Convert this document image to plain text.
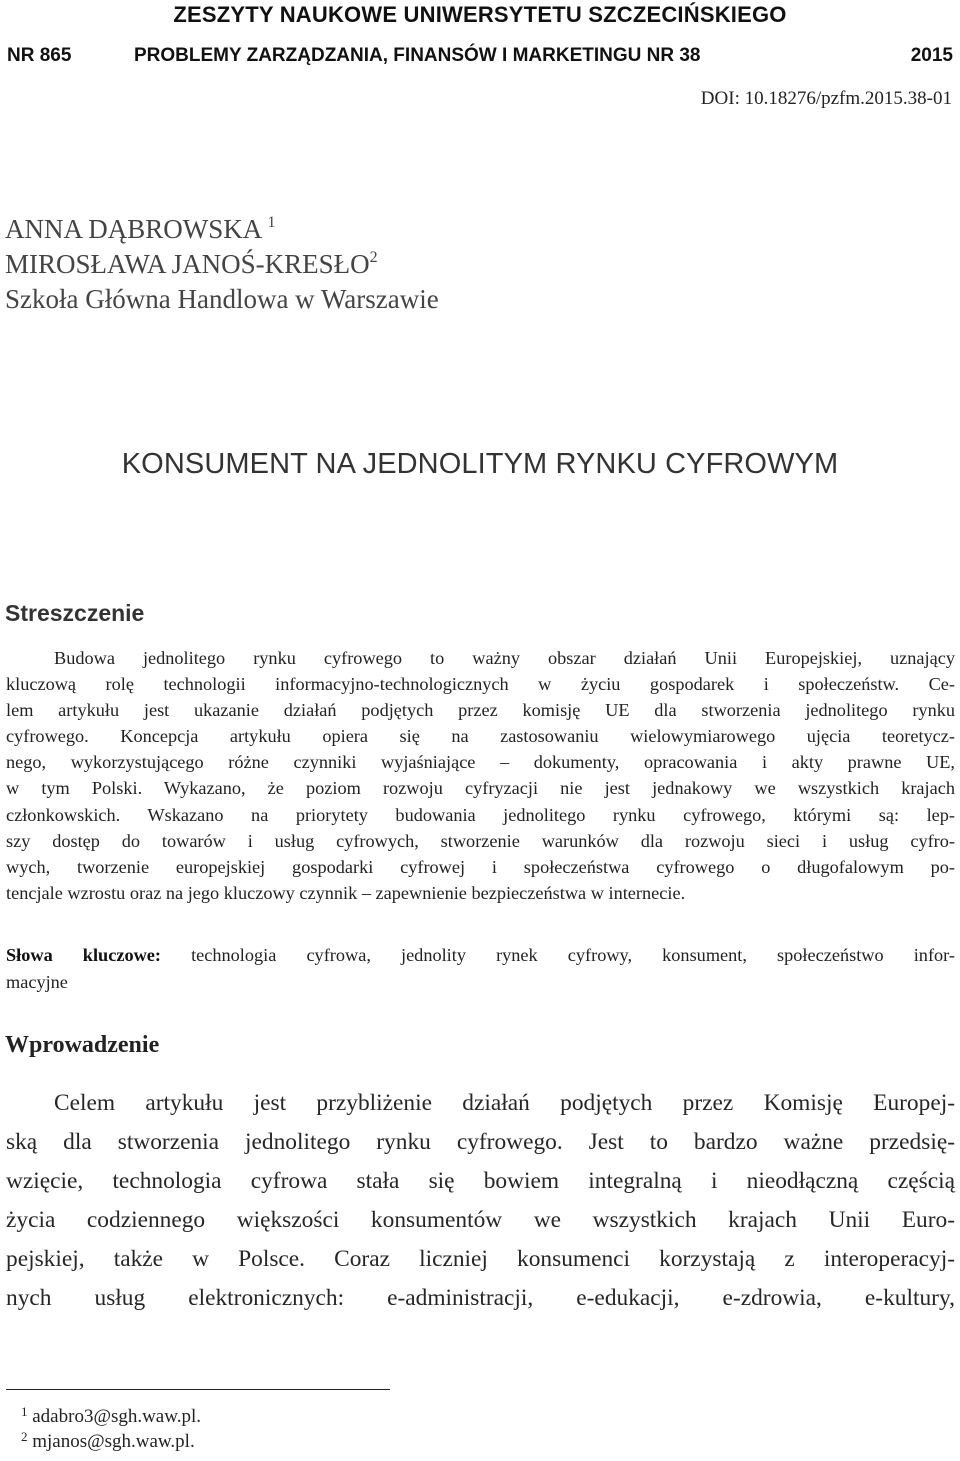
ZESZYTY NAUKOWE UNIWERSYTETU SZCZECIŃSKIEGO
NR 865	PROBLEMY ZARZĄDZANIA, FINANSÓW I MARKETINGU NR 38	2015
DOI: 10.18276/pzfm.2015.38-01
ANNA DĄBROWSKA $^1$
MIROSŁAWA JANOŚ-KRESŁO$^2$
Szkoła Główna Handlowa w Warszawie
KONSUMENT NA JEDNOLITYM RYNKU CYFROWYM
Streszczenie
Budowa jednolitego rynku cyfrowego to ważny obszar działań Unii Europejskiej, uznający
kluczową rolę technologii informacyjno-technologicznych w życiu gospodarek i społeczeństw. Ce-
lem artykułu jest ukazanie działań podjętych przez komisję UE dla stworzenia jednolitego rynku
cyfrowego. Koncepcja artykułu opiera się na zastosowaniu wielowymiarowego ujęcia teoretycz-
nego, wykorzystującego różne czynniki wyjaśniające – dokumenty, opracowania i akty prawne UE,
w tym Polski. Wykazano, że poziom rozwoju cyfryzacji nie jest jednakowy we wszystkich krajach
członkowskich. Wskazano na priorytety budowania jednolitego rynku cyfrowego, którymi są: lep-
szy dostęp do towarów i usług cyfrowych, stworzenie warunków dla rozwoju sieci i usług cyfro-
wych, tworzenie europejskiej gospodarki cyfrowej i społeczeństwa cyfrowego o długofalowym po-
tencjale wzrostu oraz na jego kluczowy czynnik – zapewnienie bezpieczeństwa w internecie.
Słowa kluczowe: technologia cyfrowa, jednolity rynek cyfrowy, konsument, społeczeństwo infor-
macyjne
Wprowadzenie
Celem artykułu jest przybliżenie działań podjętych przez Komisję Europej-
ską dla stworzenia jednolitego rynku cyfrowego. Jest to bardzo ważne przedsię-
wzięcie, technologia cyfrowa stała się bowiem integralną i nieodłączną częścią
życia codziennego większości konsumentów we wszystkich krajach Unii Euro-
pejskiej, także w Polsce. Coraz liczniej konsumenci korzystają z interoperacyj-
nych usług elektronicznych: e-administracji, e-edukacji, e-zdrowia, e-kultury,
$^1$ adabro3@sgh.waw.pl.
$^2$ mjanos@sgh.waw.pl.
